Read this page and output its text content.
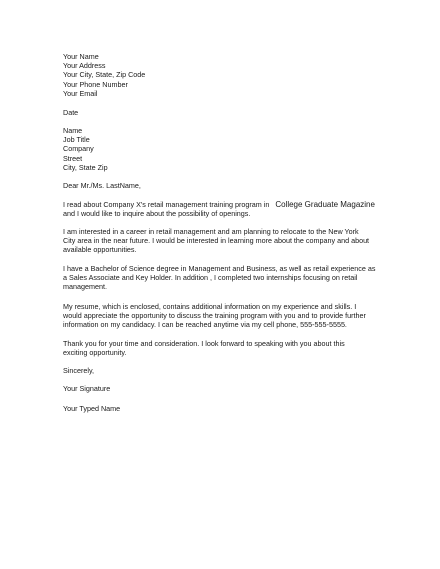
Your Name
Your Address
Your City, State, Zip Code
Your Phone Number
Your Email
Date
Name
Job Title
Company
Street
City, State Zip
Dear Mr./Ms. LastName,
I read about Company X's retail management training program in College Graduate Magazine
and I would like to inquire about the possibility of openings.
I am interested in a career in retail management and am planning to relocate to the New York
City area in the near future. I would be interested in learning more about the company and about
available opportunities.
I have a Bachelor of Science degree in Management and Business, as well as retail experience as
a Sales Associate and Key Holder. In addition , I completed two internships focusing on retail
management.
My resume, which is enclosed, contains additional information on my experience and skills. I
would appreciate the opportunity to discuss the training program with you and to provide further
information on my candidacy. I can be reached anytime via my cell phone, 555-555-5555.
Thank you for your time and consideration. I look forward to speaking with you about this
exciting opportunity.
Sincerely,
Your Signature
Your Typed Name
